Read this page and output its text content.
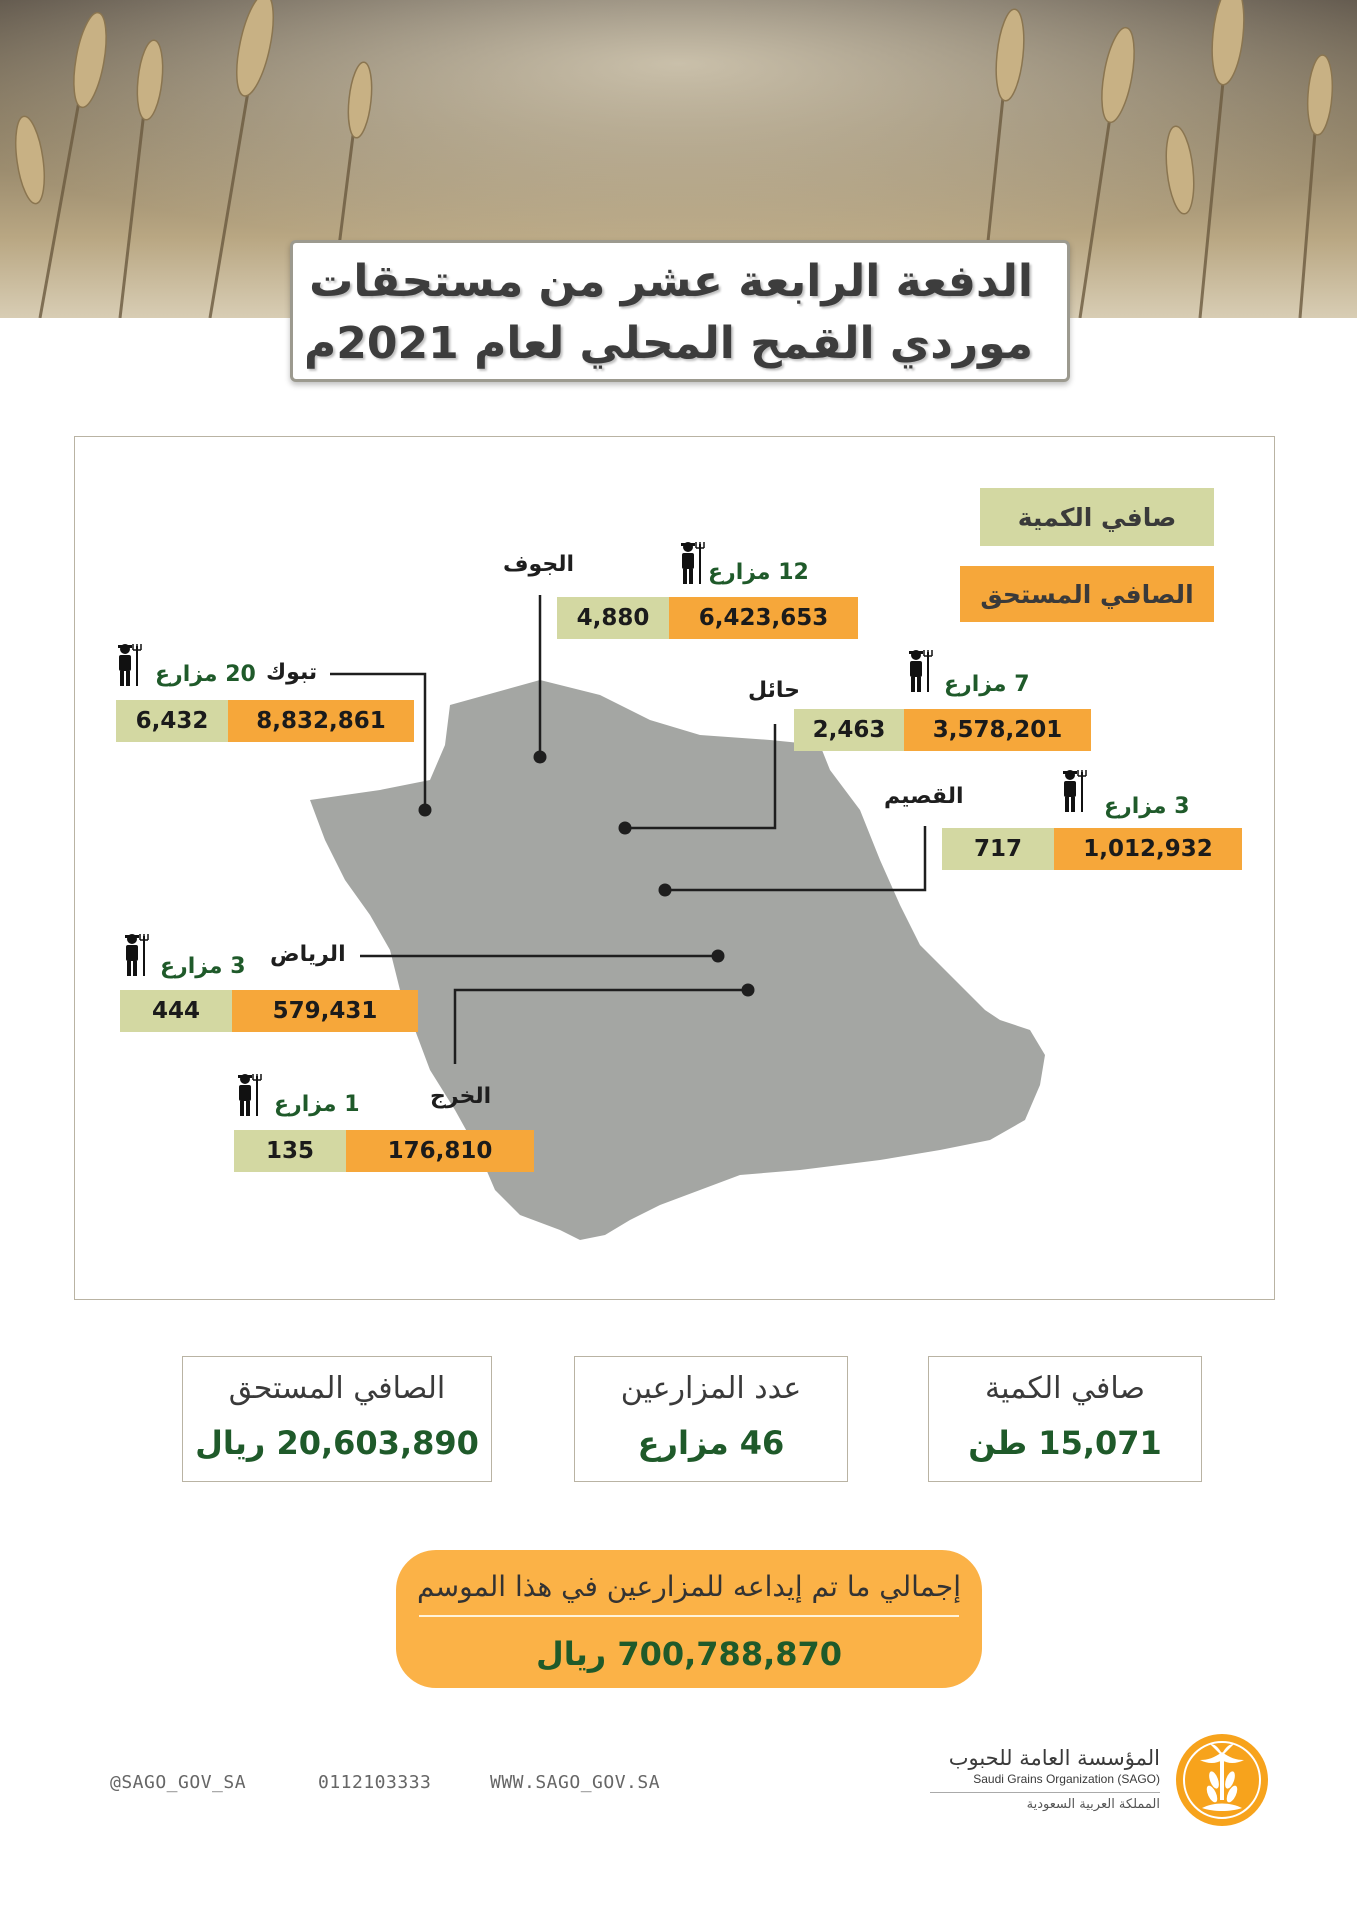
الدفعة الرابعة عشر من مستحقات
موردي القمح المحلي لعام 2021م
صافي الكمية
الصافي المستحق
الجوف	12 مزارع
4,880	6,423,653
تبوك
20 مزارع
6,432	8,832,861
حائل	7 مزارع
2,463	3,578,201
القصيم	3 مزارع
717	1,012,932
الرياض
3 مزارع
444	579,431
الخرج
1 مزارع
135	176,810
الصافي المستحق
20,603,890 ريال
عدد المزارعين
46 مزارع
صافي الكمية
15,071 طن
إجمالي ما تم إيداعه للمزارعين في هذا الموسم
700,788,870 ريال
@SAGO_GOV_SA	0112103333	WWW.SAGO_GOV.SA
المؤسسة العامة للحبوب
Saudi Grains Organization (SAGO)
المملكة العربية السعودية
